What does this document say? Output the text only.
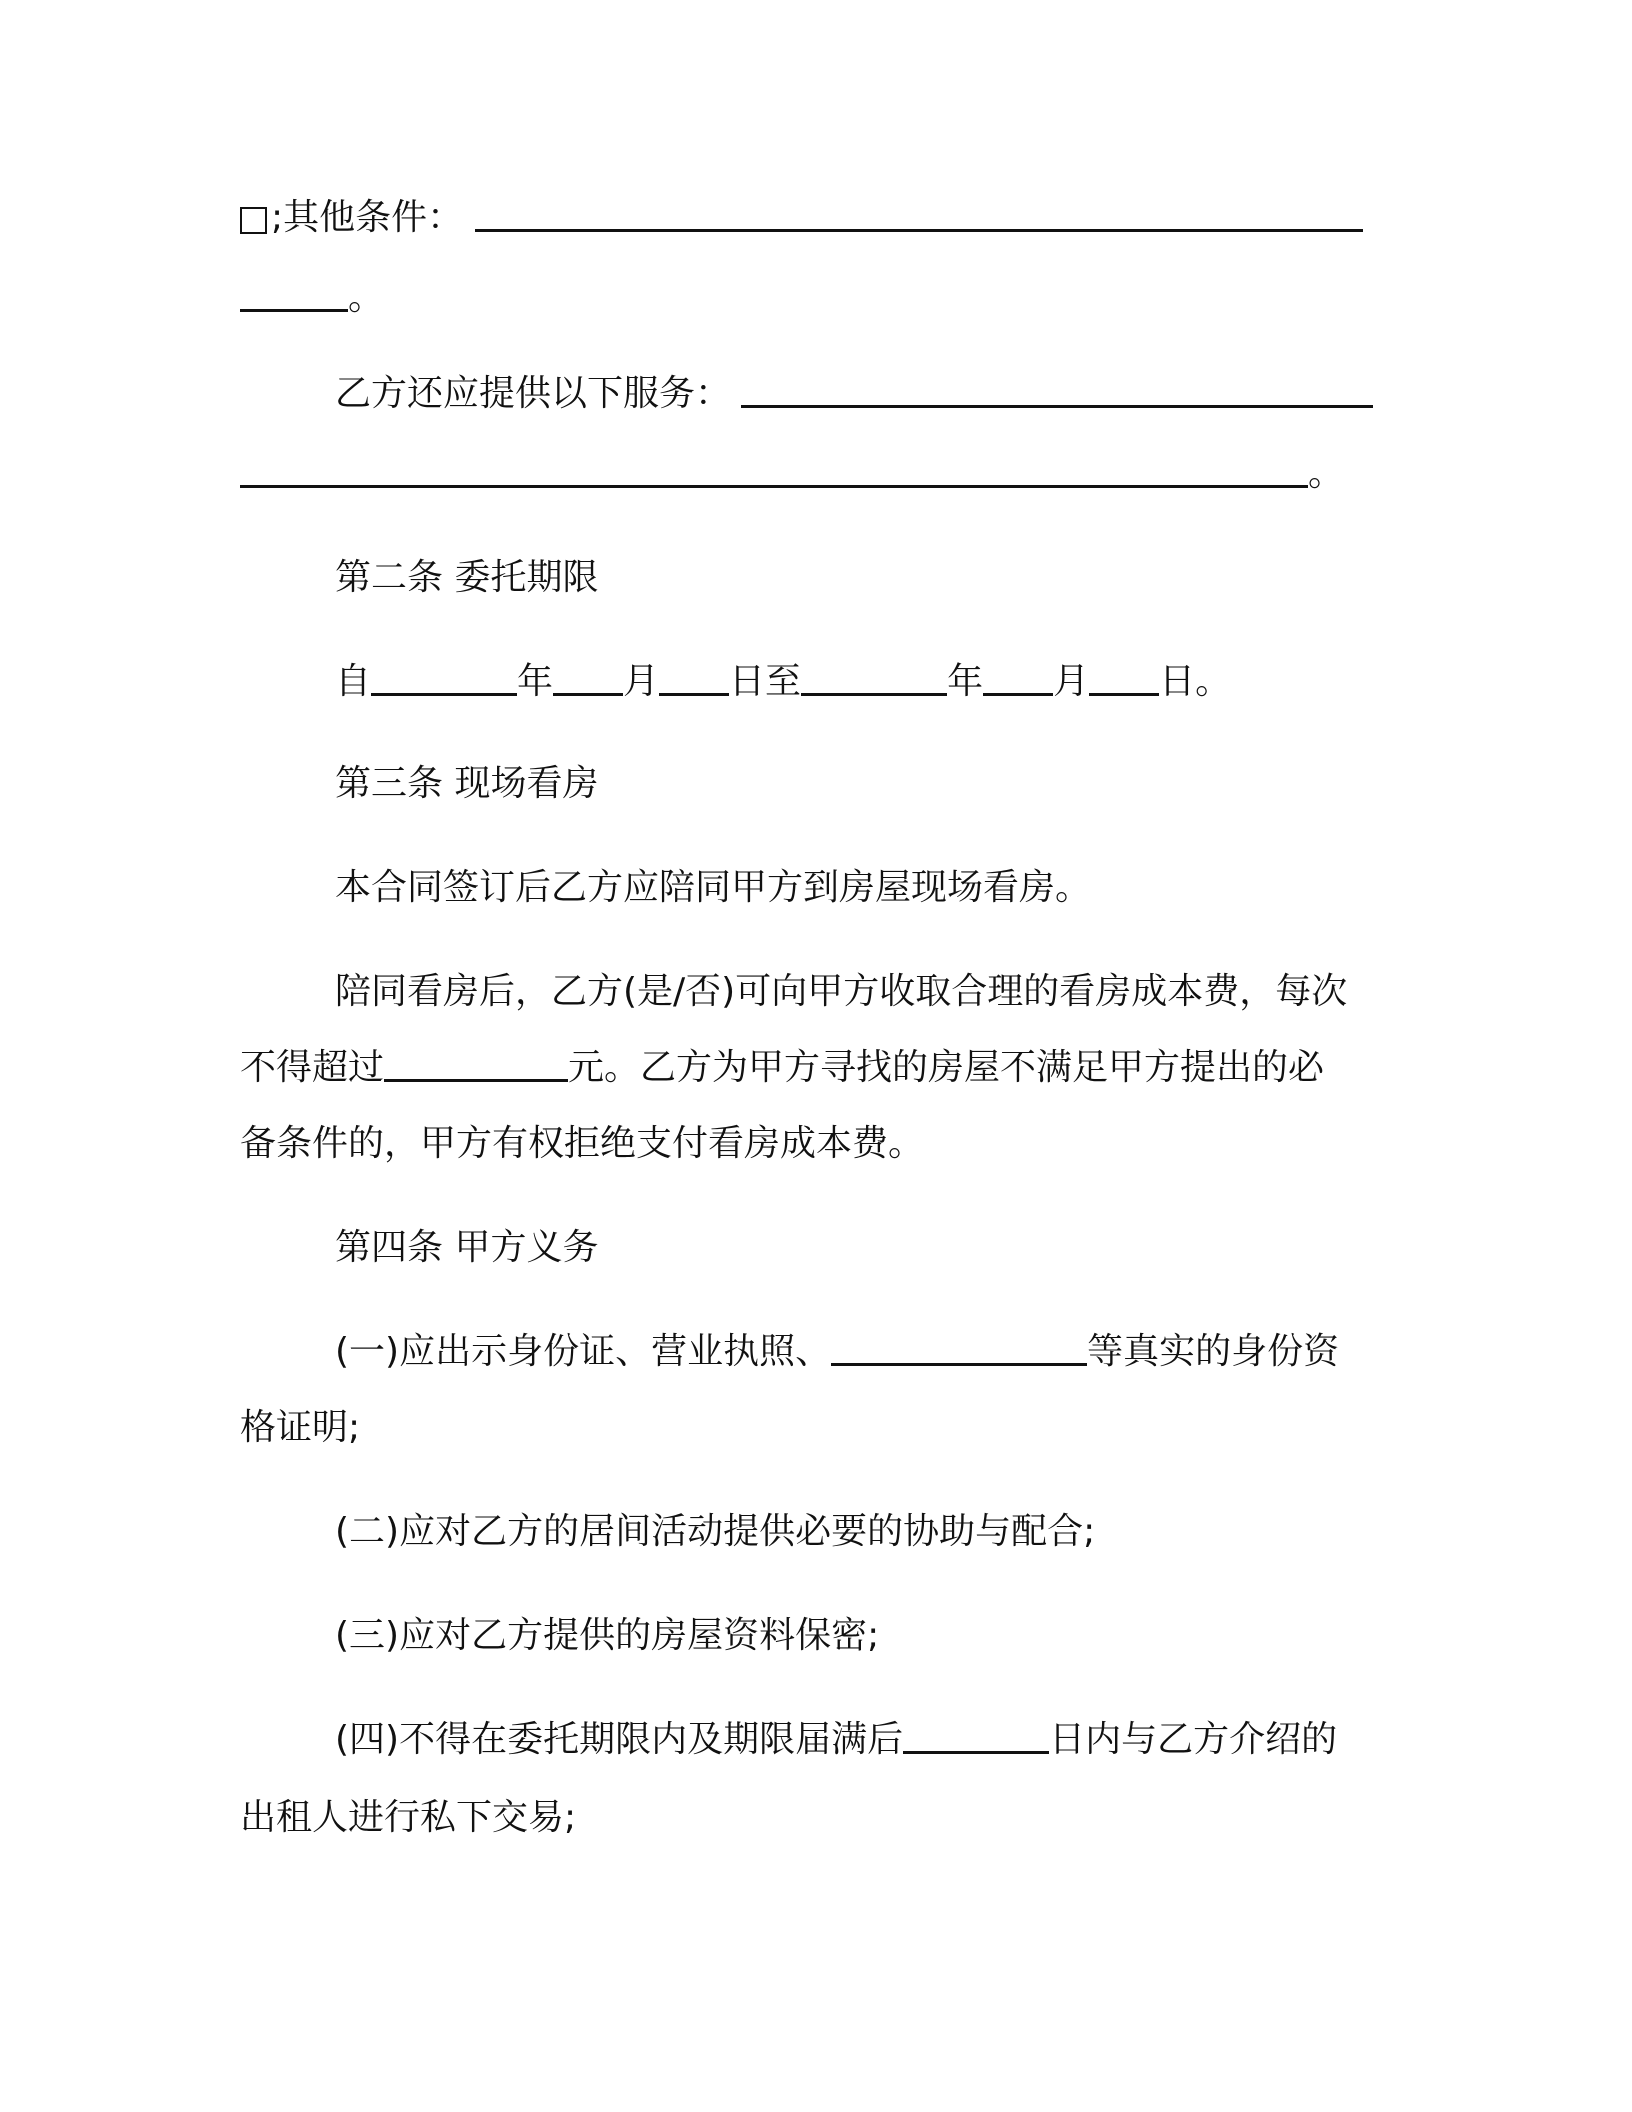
;其他条件：
。
乙方还应提供以下服务：
。
第二条 委托期限
自	年 月 日至	年 月 日。
第三条 现场看房
本合同签订后乙方应陪同甲方到房屋现场看房。
陪同看房后，乙方(是/否)可向甲方收取合理的看房成本费，每次
不得超过	元。乙方为甲方寻找的房屋不满足甲方提出的必
备条件的，甲方有权拒绝支付看房成本费。
第四条 甲方义务
(一)应出示身份证、营业执照、	等真实的身份资
格证明;
(二)应对乙方的居间活动提供必要的协助与配合;
(三)应对乙方提供的房屋资料保密;
(四)不得在委托期限内及期限届满后	日内与乙方介绍的
出租人进行私下交易;
